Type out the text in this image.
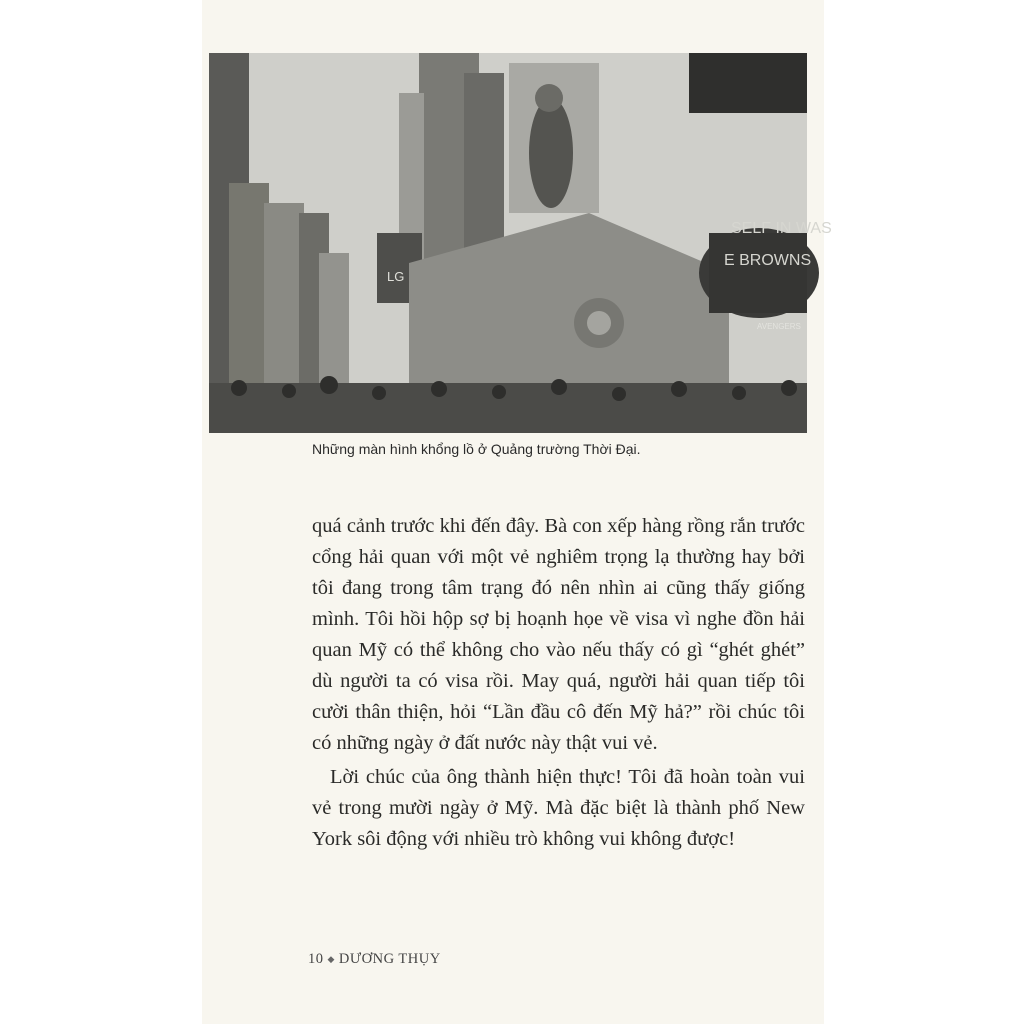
SELF IN WAS
E BROWNS
AVENGERS
LG
Những màn hình khổng lồ ở Quảng trường Thời Đại.

quá cảnh trước khi đến đây. Bà con xếp hàng rồng rắn trước cổng hải quan với một vẻ nghiêm trọng lạ thường hay bởi tôi đang trong tâm trạng đó nên nhìn ai cũng thấy giống mình. Tôi hồi hộp sợ bị hoạnh họe về visa vì nghe đồn hải quan Mỹ có thể không cho vào nếu thấy có gì “ghét ghét” dù người ta có visa rồi. May quá, người hải quan tiếp tôi cười thân thiện, hỏi “Lần đầu cô đến Mỹ hả?” rồi chúc tôi có những ngày ở đất nước này thật vui vẻ.

Lời chúc của ông thành hiện thực! Tôi đã hoàn toàn vui vẻ trong mười ngày ở Mỹ. Mà đặc biệt là thành phố New York sôi động với nhiều trò không vui không được!

10 ◆ DƯƠNG THỤY
